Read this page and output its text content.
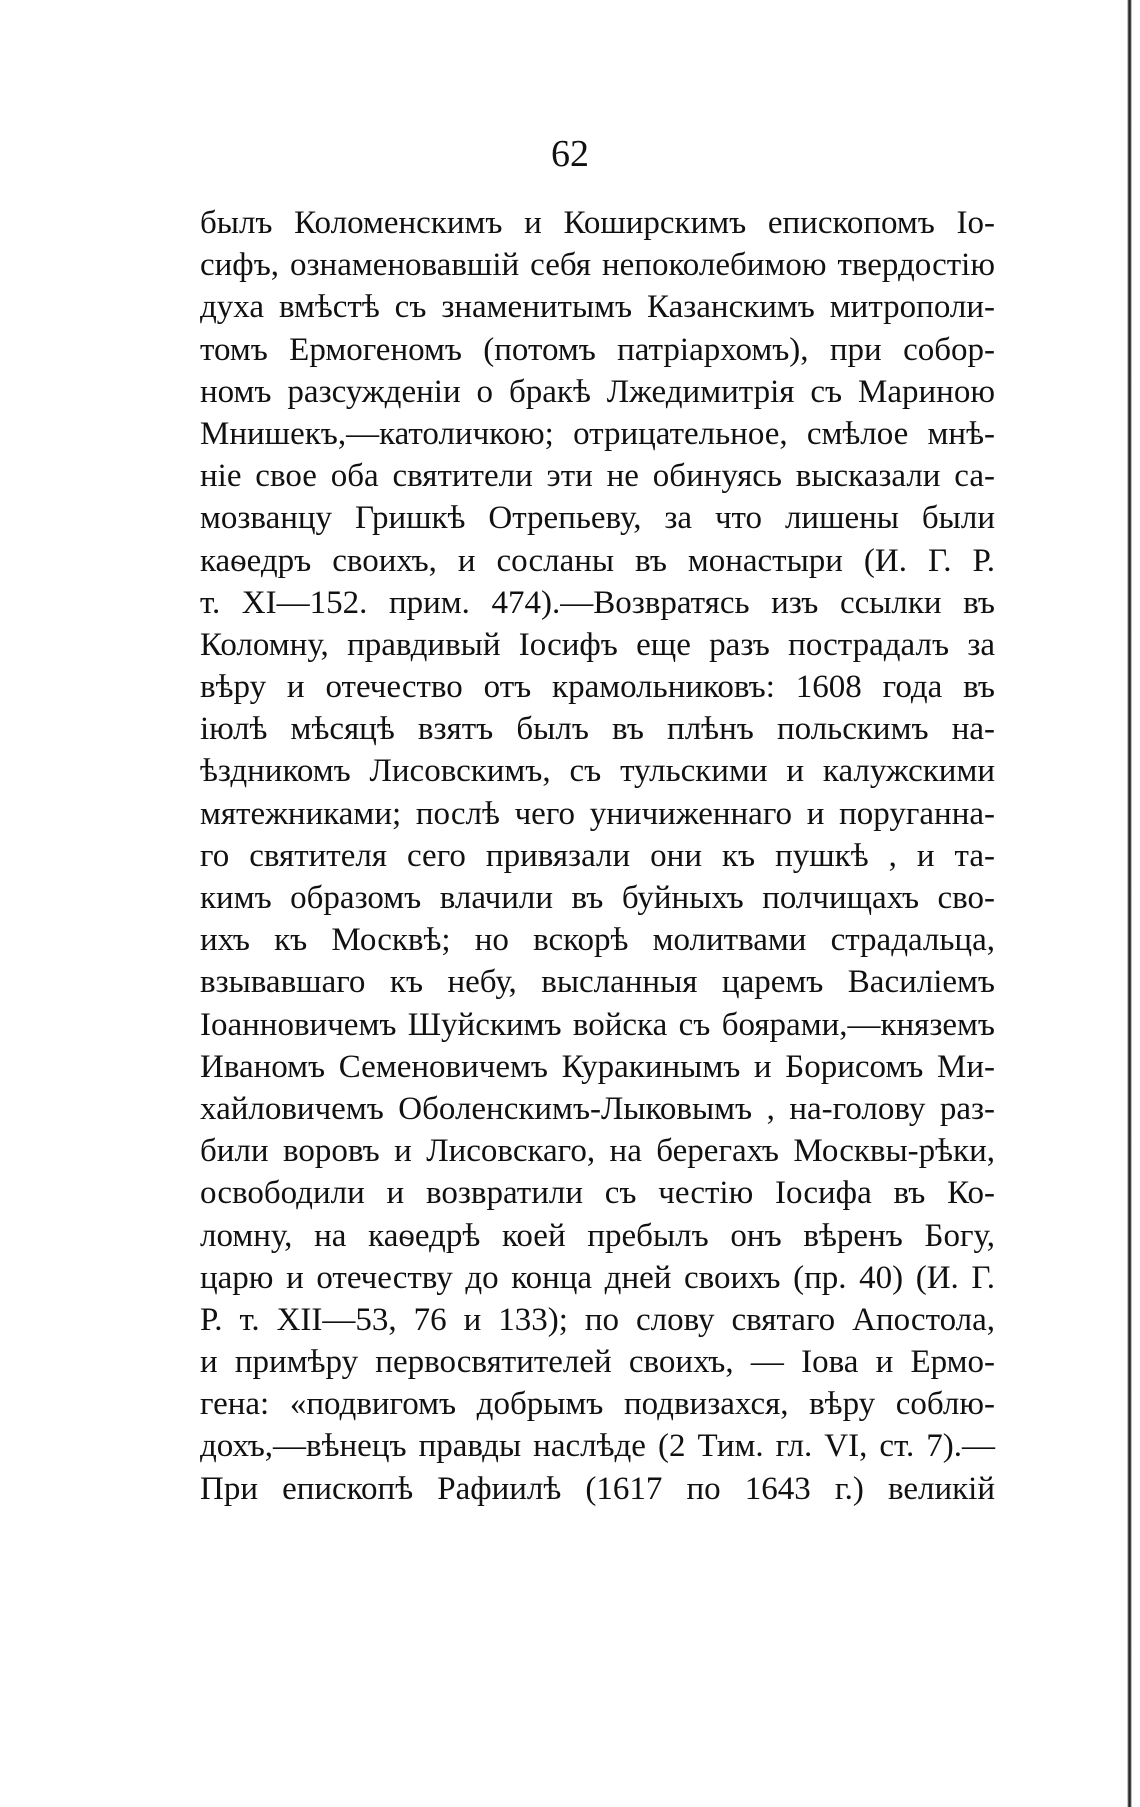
62
былъ Коломенскимъ и Коширскимъ епископомъ Іо-
сифъ, ознаменовавшій себя непоколебимою твердостію
духа вмѣстѣ съ знаменитымъ Казанскимъ митрополи-
томъ Ермогеномъ (потомъ патріархомъ), при собор-
номъ разсужденіи о бракѣ Лжедимитрія съ Мариною
Мнишекъ,—католичкою; отрицательное, смѣлое мнѣ-
ніе свое оба святители эти не обинуясь высказали са-
мозванцу Гришкѣ Отрепьеву, за что лишены были
каѳедръ своихъ, и сосланы въ монастыри (И. Г. Р.
т. XI—152. прим. 474).—Возвратясь изъ ссылки въ
Коломну, правдивый Іосифъ еще разъ пострадалъ за
вѣру и отечество отъ крамольниковъ: 1608 года въ
іюлѣ мѣсяцѣ взятъ былъ въ плѣнъ польскимъ на-
ѣздникомъ Лисовскимъ, съ тульскими и калужскими
мятежниками; послѣ чего уничиженнаго и поруганна-
го святителя сего привязали они къ пушкѣ , и та-
кимъ образомъ влачили въ буйныхъ полчищахъ сво-
ихъ къ Москвѣ; но вскорѣ молитвами страдальца,
взывавшаго къ небу, высланныя царемъ Василіемъ
Іоанновичемъ Шуйскимъ войска съ боярами,—княземъ
Иваномъ Семеновичемъ Куракинымъ и Борисомъ Ми-
хайловичемъ Оболенскимъ-Лыковымъ , на-голову раз-
били воровъ и Лисовскаго, на берегахъ Москвы-рѣки,
освободили и возвратили съ честію Іосифа въ Ко-
ломну, на каѳедрѣ коей пребылъ онъ вѣренъ Богу,
царю и отечеству до конца дней своихъ (пр. 40) (И. Г.
Р. т. XII—53, 76 и 133); по слову святаго Апостола,
и примѣру первосвятителей своихъ, — Іова и Ермо-
гена: «подвигомъ добрымъ подвизахся, вѣру соблю-
дохъ,—вѣнецъ правды наслѣде (2 Тим. гл. VI, ст. 7).—
При епископѣ Рафиилѣ (1617 по 1643 г.) великій
